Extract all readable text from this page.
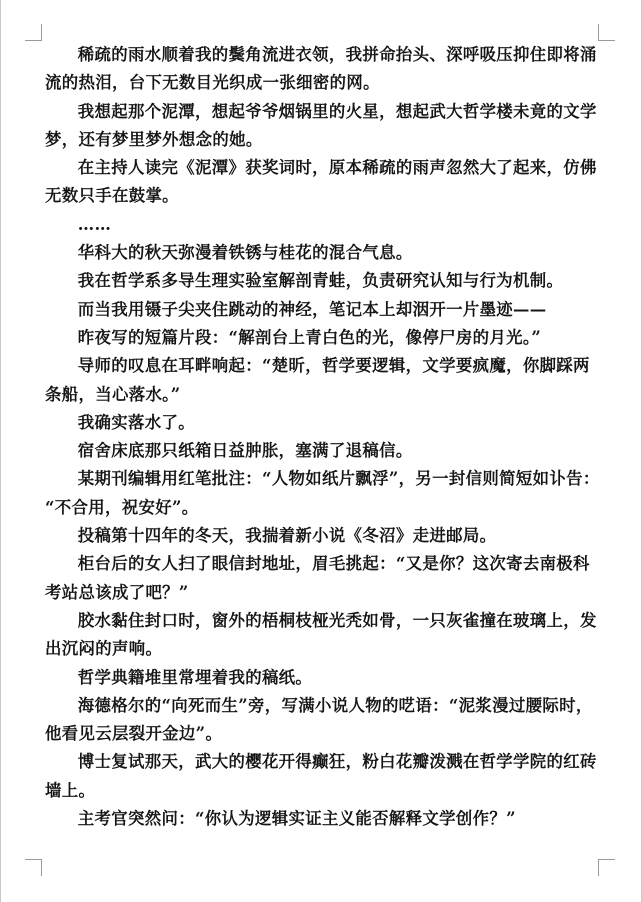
稀疏的雨水顺着我的鬓角流进衣领，我拼命抬头、深呼吸压抑住即将涌
流的热泪，台下无数目光织成一张细密的网。

我想起那个泥潭，想起爷爷烟锅里的火星，想起武大哲学楼未竟的文学
梦，还有梦里梦外想念的她。

在主持人读完《泥潭》获奖词时，原本稀疏的雨声忽然大了起来，仿佛
无数只手在鼓掌。

……

华科大的秋天弥漫着铁锈与桂花的混合气息。

我在哲学系多导生理实验室解剖青蛙，负责研究认知与行为机制。

而当我用镊子尖夹住跳动的神经，笔记本上却洇开一片墨迹——

昨夜写的短篇片段：“解剖台上青白色的光，像停尸房的月光。”

导师的叹息在耳畔响起：“楚昕，哲学要逻辑，文学要疯魔，你脚踩两
条船，当心落水。”

我确实落水了。

宿舍床底那只纸箱日益肿胀，塞满了退稿信。

某期刊编辑用红笔批注：“人物如纸片飘浮”，另一封信则简短如讣告：
“不合用，祝安好”。

投稿第十四年的冬天，我揣着新小说《冬沼》走进邮局。

柜台后的女人扫了眼信封地址，眉毛挑起：“又是你？这次寄去南极科
考站总该成了吧？”

胶水黏住封口时，窗外的梧桐枝桠光秃如骨，一只灰雀撞在玻璃上，发
出沉闷的声响。

哲学典籍堆里常埋着我的稿纸。

海德格尔的“向死而生”旁，写满小说人物的呓语：“泥浆漫过腰际时，
他看见云层裂开金边”。

博士复试那天，武大的樱花开得癫狂，粉白花瓣泼溅在哲学学院的红砖
墙上。

主考官突然问：“你认为逻辑实证主义能否解释文学创作？”
